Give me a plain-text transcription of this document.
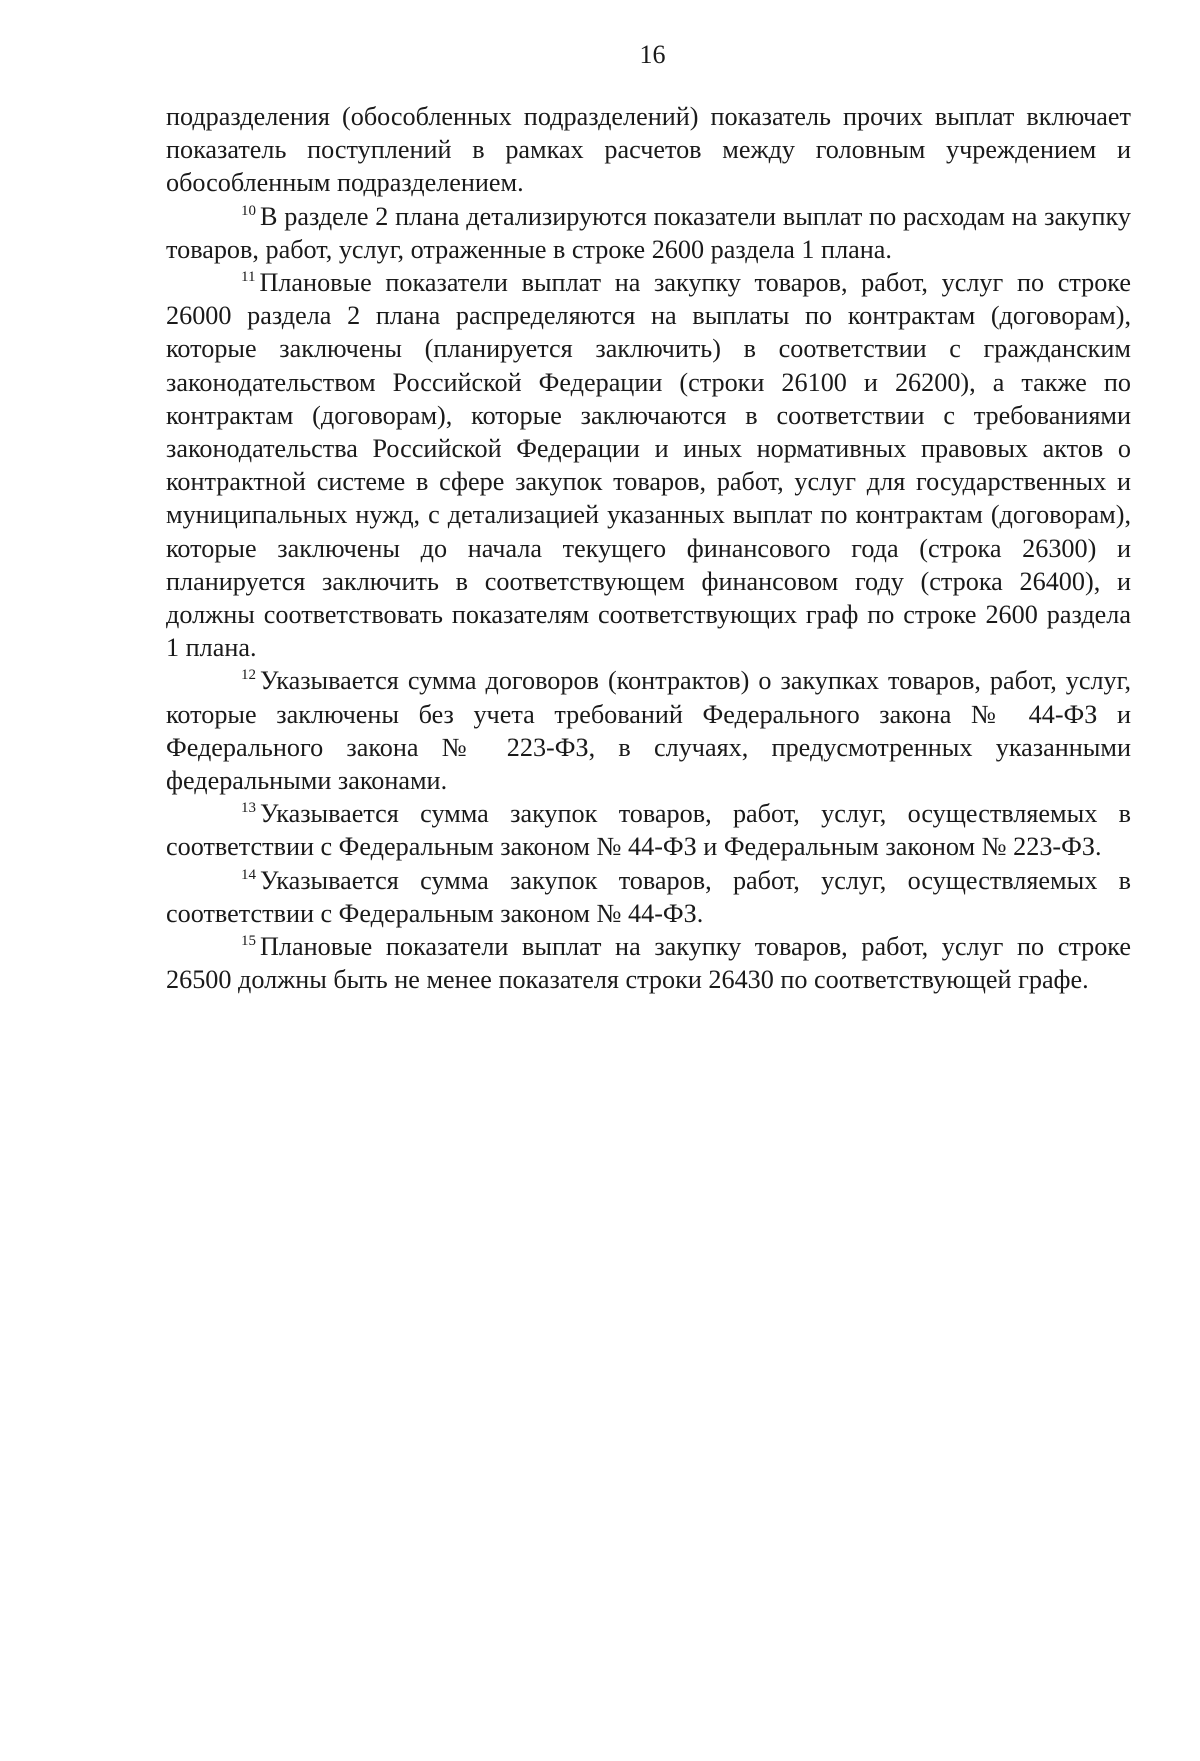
16

подразделения (обособленных подразделений) показатель прочих выплат включает показатель поступлений в рамках расчетов между головным учреждением и обособленным подразделением.

$^{10}$ В разделе 2 плана детализируются показатели выплат по расходам на закупку товаров, работ, услуг, отраженные в строке 2600 раздела 1 плана.

$^{11}$ Плановые показатели выплат на закупку товаров, работ, услуг по строке 26000 раздела 2 плана распределяются на выплаты по контрактам (договорам), которые заключены (планируется заключить) в соответствии с гражданским законодательством Российской Федерации (строки 26100 и 26200), а также по контрактам (договорам), которые заключаются в соответствии с требованиями законодательства Российской Федерации и иных нормативных правовых актов о контрактной системе в сфере закупок товаров, работ, услуг для государственных и муниципальных нужд, с детализацией указанных выплат по контрактам (договорам), которые заключены до начала текущего финансового года (строка 26300) и планируется заключить в соответствующем финансовом году (строка 26400), и должны соответствовать показателям соответствующих граф по строке 2600 раздела 1 плана.

$^{12}$ Указывается сумма договоров (контрактов) о закупках товаров, работ, услуг, которые заключены без учета требований Федерального закона № 44-ФЗ и Федерального закона № 223-ФЗ, в случаях, предусмотренных указанными федеральными законами.

$^{13}$ Указывается сумма закупок товаров, работ, услуг, осуществляемых в соответствии с Федеральным законом № 44-ФЗ и Федеральным законом № 223-ФЗ.

$^{14}$ Указывается сумма закупок товаров, работ, услуг, осуществляемых в соответствии с Федеральным законом № 44-ФЗ.

$^{15}$ Плановые показатели выплат на закупку товаров, работ, услуг по строке 26500 должны быть не менее показателя строки 26430 по соответствующей графе.
